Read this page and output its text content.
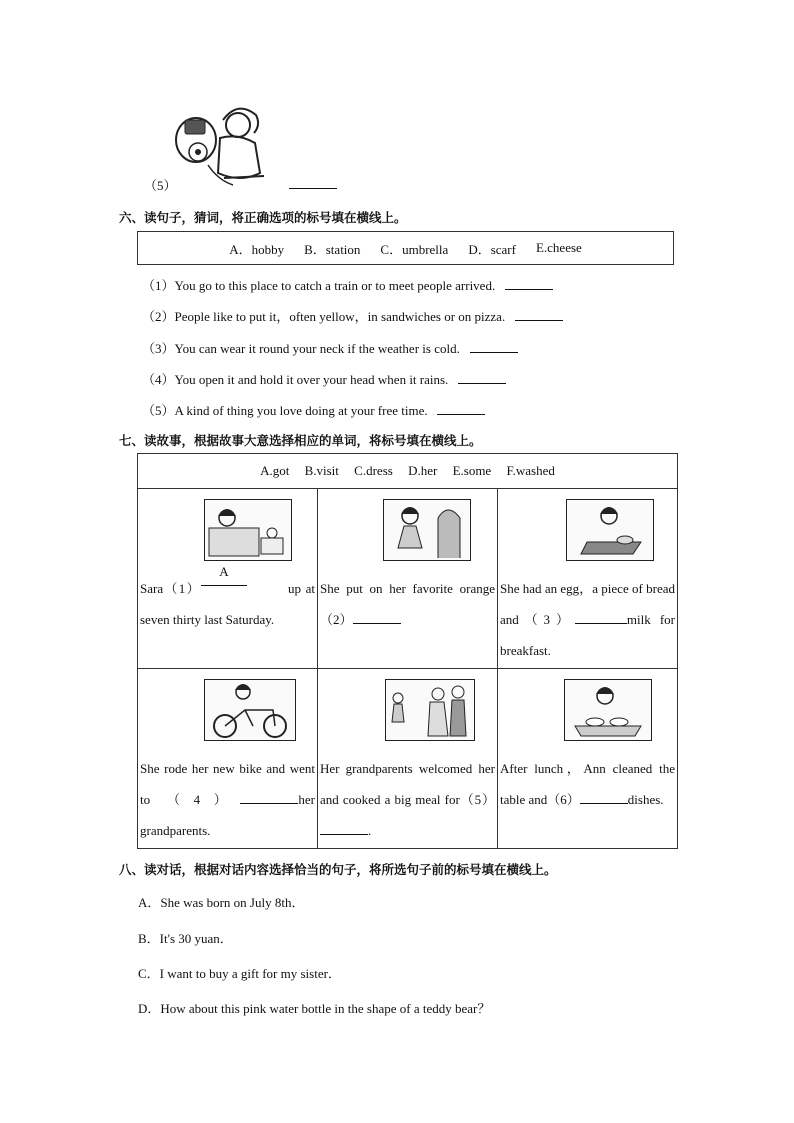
（5）
六、读句子，猜词，将正确选项的标号填在横线上。
A．hobby B．station C．umbrella D．scarf E.cheese
（1）You go to this place to catch a train or to meet people arrived.
（2）People like to put it，often yellow，in sandwiches or on pizza.
（3）You can wear it round your neck if the weather is cold.
（4）You open it and hold it over your head when it rains.
（5）A kind of thing you love doing at your free time.
七、读故事，根据故事大意选择相应的单词，将标号填在横线上。
A.got B.visit C.dress D.her E.some F.washed		

Sara（1）A         up at seven thirty last Saturday.	She put on her favorite orange（2）	She had an egg，a piece of bread and（3） milk for breakfast.

She rode her new bike and went to （4） her grandparents.	Her grandparents welcomed her and cooked a big meal for（5）.	After lunch，Ann cleaned the table and（6） dishes.
八、读对话，根据对话内容选择恰当的句子，将所选句子前的标号填在横线上。
A．She was born on July 8th．
B．It's 30 yuan．
C．I want to buy a gift for my sister．
D．How about this pink water bottle in the shape of a teddy bear？
